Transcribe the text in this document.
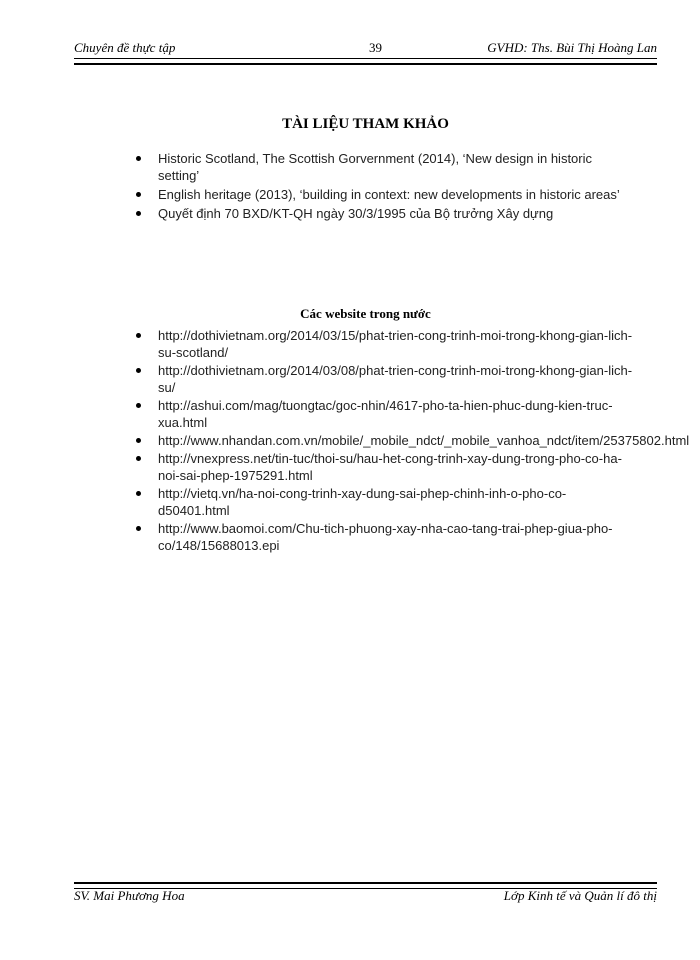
Chuyên đề thực tập	39	GVHD: Ths. Bùi Thị Hoàng Lan
TÀI LIỆU THAM KHẢO
Historic Scotland, The Scottish Gorvernment (2014), ‘New design in historic setting’
English heritage (2013), ‘building in context: new developments in historic areas’
Quyết định 70 BXD/KT-QH ngày 30/3/1995 của Bộ trưởng Xây dựng
Các website trong nước
http://dothivietnam.org/2014/03/15/phat-trien-cong-trinh-moi-trong-khong-gian-lich-su-scotland/
http://dothivietnam.org/2014/03/08/phat-trien-cong-trinh-moi-trong-khong-gian-lich-su/
http://ashui.com/mag/tuongtac/goc-nhin/4617-pho-ta-hien-phuc-dung-kien-truc-xua.html
http://www.nhandan.com.vn/mobile/_mobile_ndct/_mobile_vanhoa_ndct/item/25375802.html
http://vnexpress.net/tin-tuc/thoi-su/hau-het-cong-trinh-xay-dung-trong-pho-co-ha-noi-sai-phep-1975291.html
http://vietq.vn/ha-noi-cong-trinh-xay-dung-sai-phep-chinh-inh-o-pho-co-d50401.html
http://www.baomoi.com/Chu-tich-phuong-xay-nha-cao-tang-trai-phep-giua-pho-co/148/15688013.epi
SV. Mai Phương Hoa	Lớp Kinh tế và Quản lí đô thị
